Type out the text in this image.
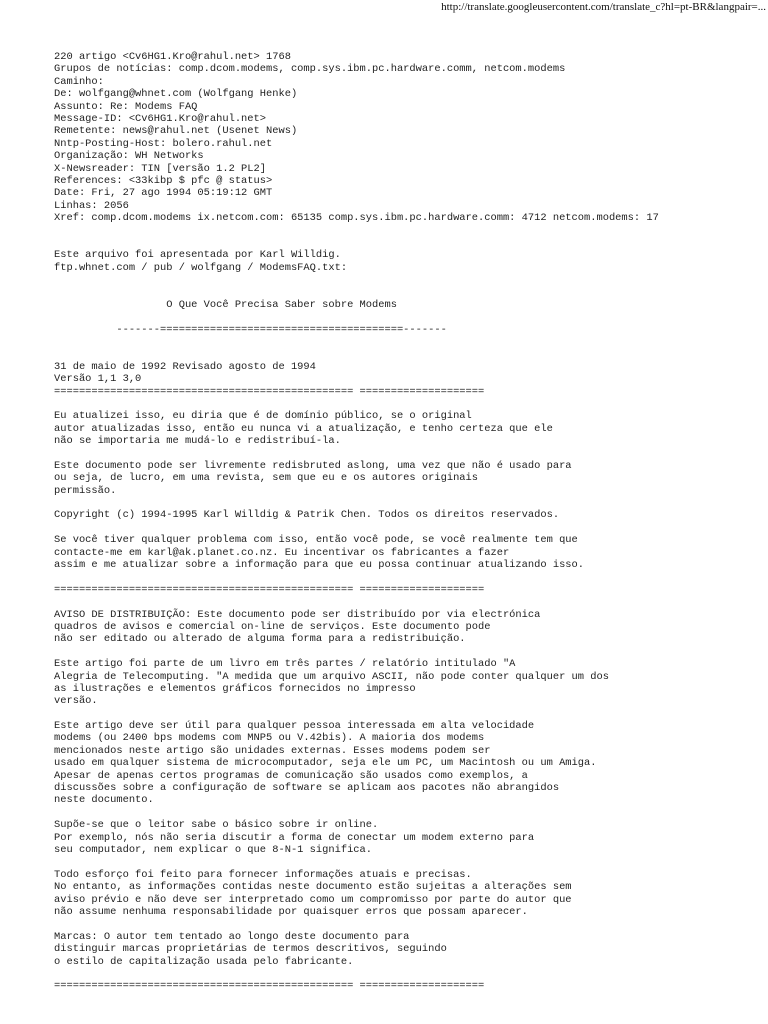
http://translate.googleusercontent.com/translate_c?hl=pt-BR&langpair=...
220 artigo <Cv6HG1.Kro@rahul.net> 1768
Grupos de notícias: comp.dcom.modems, comp.sys.ibm.pc.hardware.comm, netcom.modems
Caminho:
De: wolfgang@whnet.com (Wolfgang Henke)
Assunto: Re: Modems FAQ
Message-ID: <Cv6HG1.Kro@rahul.net>
Remetente: news@rahul.net (Usenet News)
Nntp-Posting-Host: bolero.rahul.net
Organização: WH Networks
X-Newsreader: TIN [versão 1.2 PL2]
References: <33kibp $ pfc @ status>
Date: Fri, 27 ago 1994 05:19:12 GMT
Linhas: 2056
Xref: comp.dcom.modems ix.netcom.com: 65135 comp.sys.ibm.pc.hardware.comm: 4712 netcom.modems: 17
Este arquivo foi apresentada por Karl Willdig.
ftp.whnet.com / pub / wolfgang / ModemsFAQ.txt:
O Que Você Precisa Saber sobre Modems
-------=======================================-------
31 de maio de 1992 Revisado agosto de 1994
Versão 1,1 3,0
================================================ ====================
Eu atualizei isso, eu diria que é de domínio público, se o original
autor atualizadas isso, então eu nunca vi a atualização, e tenho certeza que ele
não se importaria me mudá-lo e redistribuí-la.
Este documento pode ser livremente redisbruted aslong, uma vez que não é usado para
ou seja, de lucro, em uma revista, sem que eu e os autores originais
permissão.
Copyright (c) 1994-1995 Karl Willdig & Patrik Chen. Todos os direitos reservados.
Se você tiver qualquer problema com isso, então você pode, se você realmente tem que
contacte-me em karl@ak.planet.co.nz. Eu incentivar os fabricantes a fazer
assim e me atualizar sobre a informação para que eu possa continuar atualizando isso.
================================================ ====================
AVISO DE DISTRIBUIÇÃO: Este documento pode ser distribuído por via electrónica
quadros de avisos e comercial on-line de serviços. Este documento pode
não ser editado ou alterado de alguma forma para a redistribuição.
Este artigo foi parte de um livro em três partes / relatório intitulado "A
Alegria de Telecomputing. "A medida que um arquivo ASCII, não pode conter qualquer um dos
as ilustrações e elementos gráficos fornecidos no impresso
versão.
Este artigo deve ser útil para qualquer pessoa interessada em alta velocidade
modems (ou 2400 bps modems com MNP5 ou V.42bis). A maioria dos modems
mencionados neste artigo são unidades externas. Esses modems podem ser
usado em qualquer sistema de microcomputador, seja ele um PC, um Macintosh ou um Amiga.
Apesar de apenas certos programas de comunicação são usados como exemplos, a
discussões sobre a configuração de software se aplicam aos pacotes não abrangidos
neste documento.
Supõe-se que o leitor sabe o básico sobre ir online.
Por exemplo, nós não seria discutir a forma de conectar um modem externo para
seu computador, nem explicar o que 8-N-1 significa.
Todo esforço foi feito para fornecer informações atuais e precisas.
No entanto, as informações contidas neste documento estão sujeitas a alterações sem
aviso prévio e não deve ser interpretado como um compromisso por parte do autor que
não assume nenhuma responsabilidade por quaisquer erros que possam aparecer.
Marcas: O autor tem tentado ao longo deste documento para
distinguir marcas proprietárias de termos descritivos, seguindo
o estilo de capitalização usada pelo fabricante.
================================================ ====================
